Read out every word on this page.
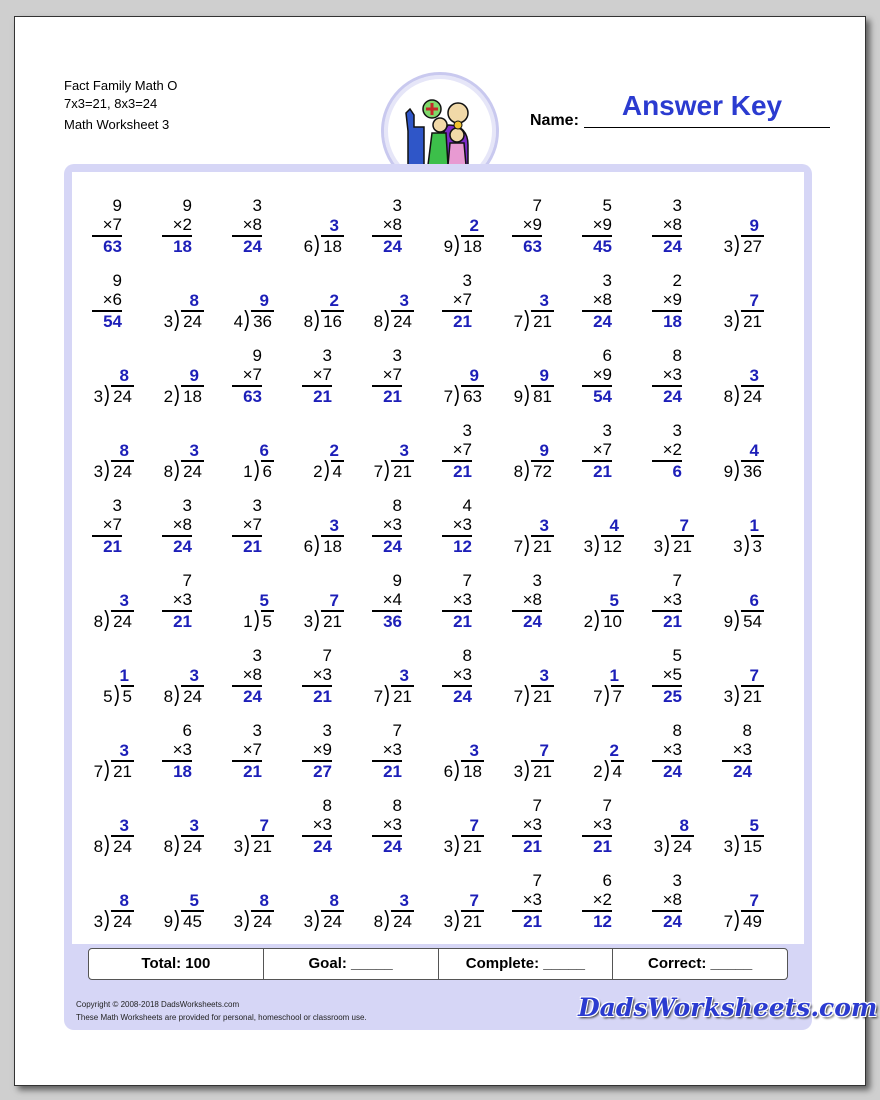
Fact Family Math O
7x3=21, 8x3=24
Math Worksheet 3	Name:	Answer Key
9
×7
63
9
×2
18
3
×8
24
3
6 18
3
×8
24
2
9 18
7
×9
63
5
×9
45
3
×8
24
9
3 27
9
×6
54
8
3 24
9
4 36
2
8 16
3
8 24
3
×7
21
3
7 21
3
×8
24
2
×9
18
7
3 21
8
3 24
9
2 18
9
×7
63
3
×7
21
3
×7
21
9
7 63
9
9 81
6
×9
54
8
×3
24
3
8 24
8
3 24
3
8 24
6
1 6
2
2 4
3
7 21
3
×7
21
9
8 72
3
×7
21
3
×2
6
4
9 36
3
×7
21
3
×8
24
3
×7
21
3
6 18
8
×3
24
4
×3
12
3
7 21
4
3 12
7
3 21
1
3 3
3
8 24
7
×3
21
5
1 5
7
3 21
9
×4
36
7
×3
21
3
×8
24
5
2 10
7
×3
21
6
9 54
1
5 5
3
8 24
3
×8
24
7
×3
21
3
7 21
8
×3
24
3
7 21
1
7 7
5
×5
25
7
3 21
3
7 21
6
×3
18
3
×7
21
3
×9
27
7
×3
21
3
6 18
7
3 21
2
2 4
8
×3
24
8
×3
24
3
8 24
3
8 24
7
3 21
8
×3
24
8
×3
24
7
3 21
7
×3
21
7
×3
21
8
3 24
5
3 15
8
3 24
5
9 45
8
3 24
8
3 24
3
8 24
7
3 21
7
×3
21
6
×2
12
3
×8
24
7
7 49
Total: 100	Goal: _____	Complete: _____	Correct: _____
Copyright © 2008-2018 DadsWorksheets.com
These Math Worksheets are provided for personal, homeschool or classroom use.	DadsWorksheets.com
